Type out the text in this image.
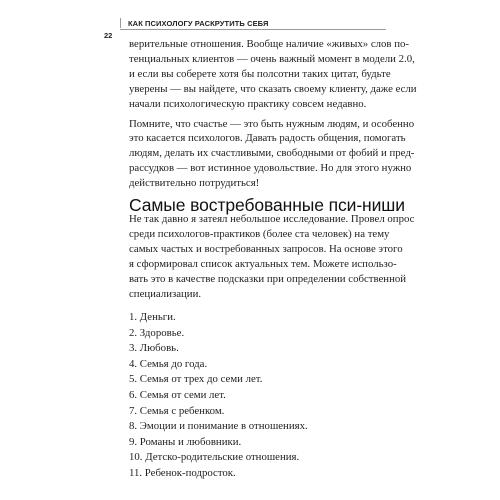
КАК ПСИХОЛОГУ РАСКРУТИТЬ СЕБЯ
22

верительные отношения. Вообще наличие «живых» слов по-
тенциальных клиентов — очень важный момент в модели 2.0,
и если вы соберете хотя бы полсотни таких цитат, будьте
уверены — вы найдете, что сказать своему клиенту, даже если
начали психологическую практику совсем недавно.

Помните, что счастье — это быть нужным людям, и особенно
это касается психологов. Давать радость общения, помогать
людям, делать их счастливыми, свободными от фобий и пред-
рассудков — вот истинное удовольствие. Но для этого нужно
действительно потрудиться!

Самые востребованные пси-ниши
Не так давно я затеял небольшое исследование. Провел опрос
среди психологов-практиков (более ста человек) на тему
самых частых и востребованных запросов. На основе этого
я сформировал список актуальных тем. Можете использо-
вать это в качестве подсказки при определении собственной
специализации.
1. Деньги.
2. Здоровье.
3. Любовь.
4. Семья до года.
5. Семья от трех до семи лет.
6. Семья от семи лет.
7. Семья с ребенком.
8. Эмоции и понимание в отношениях.
9. Романы и любовники.
10. Детско-родительские отношения.
11. Ребенок-подросток.
